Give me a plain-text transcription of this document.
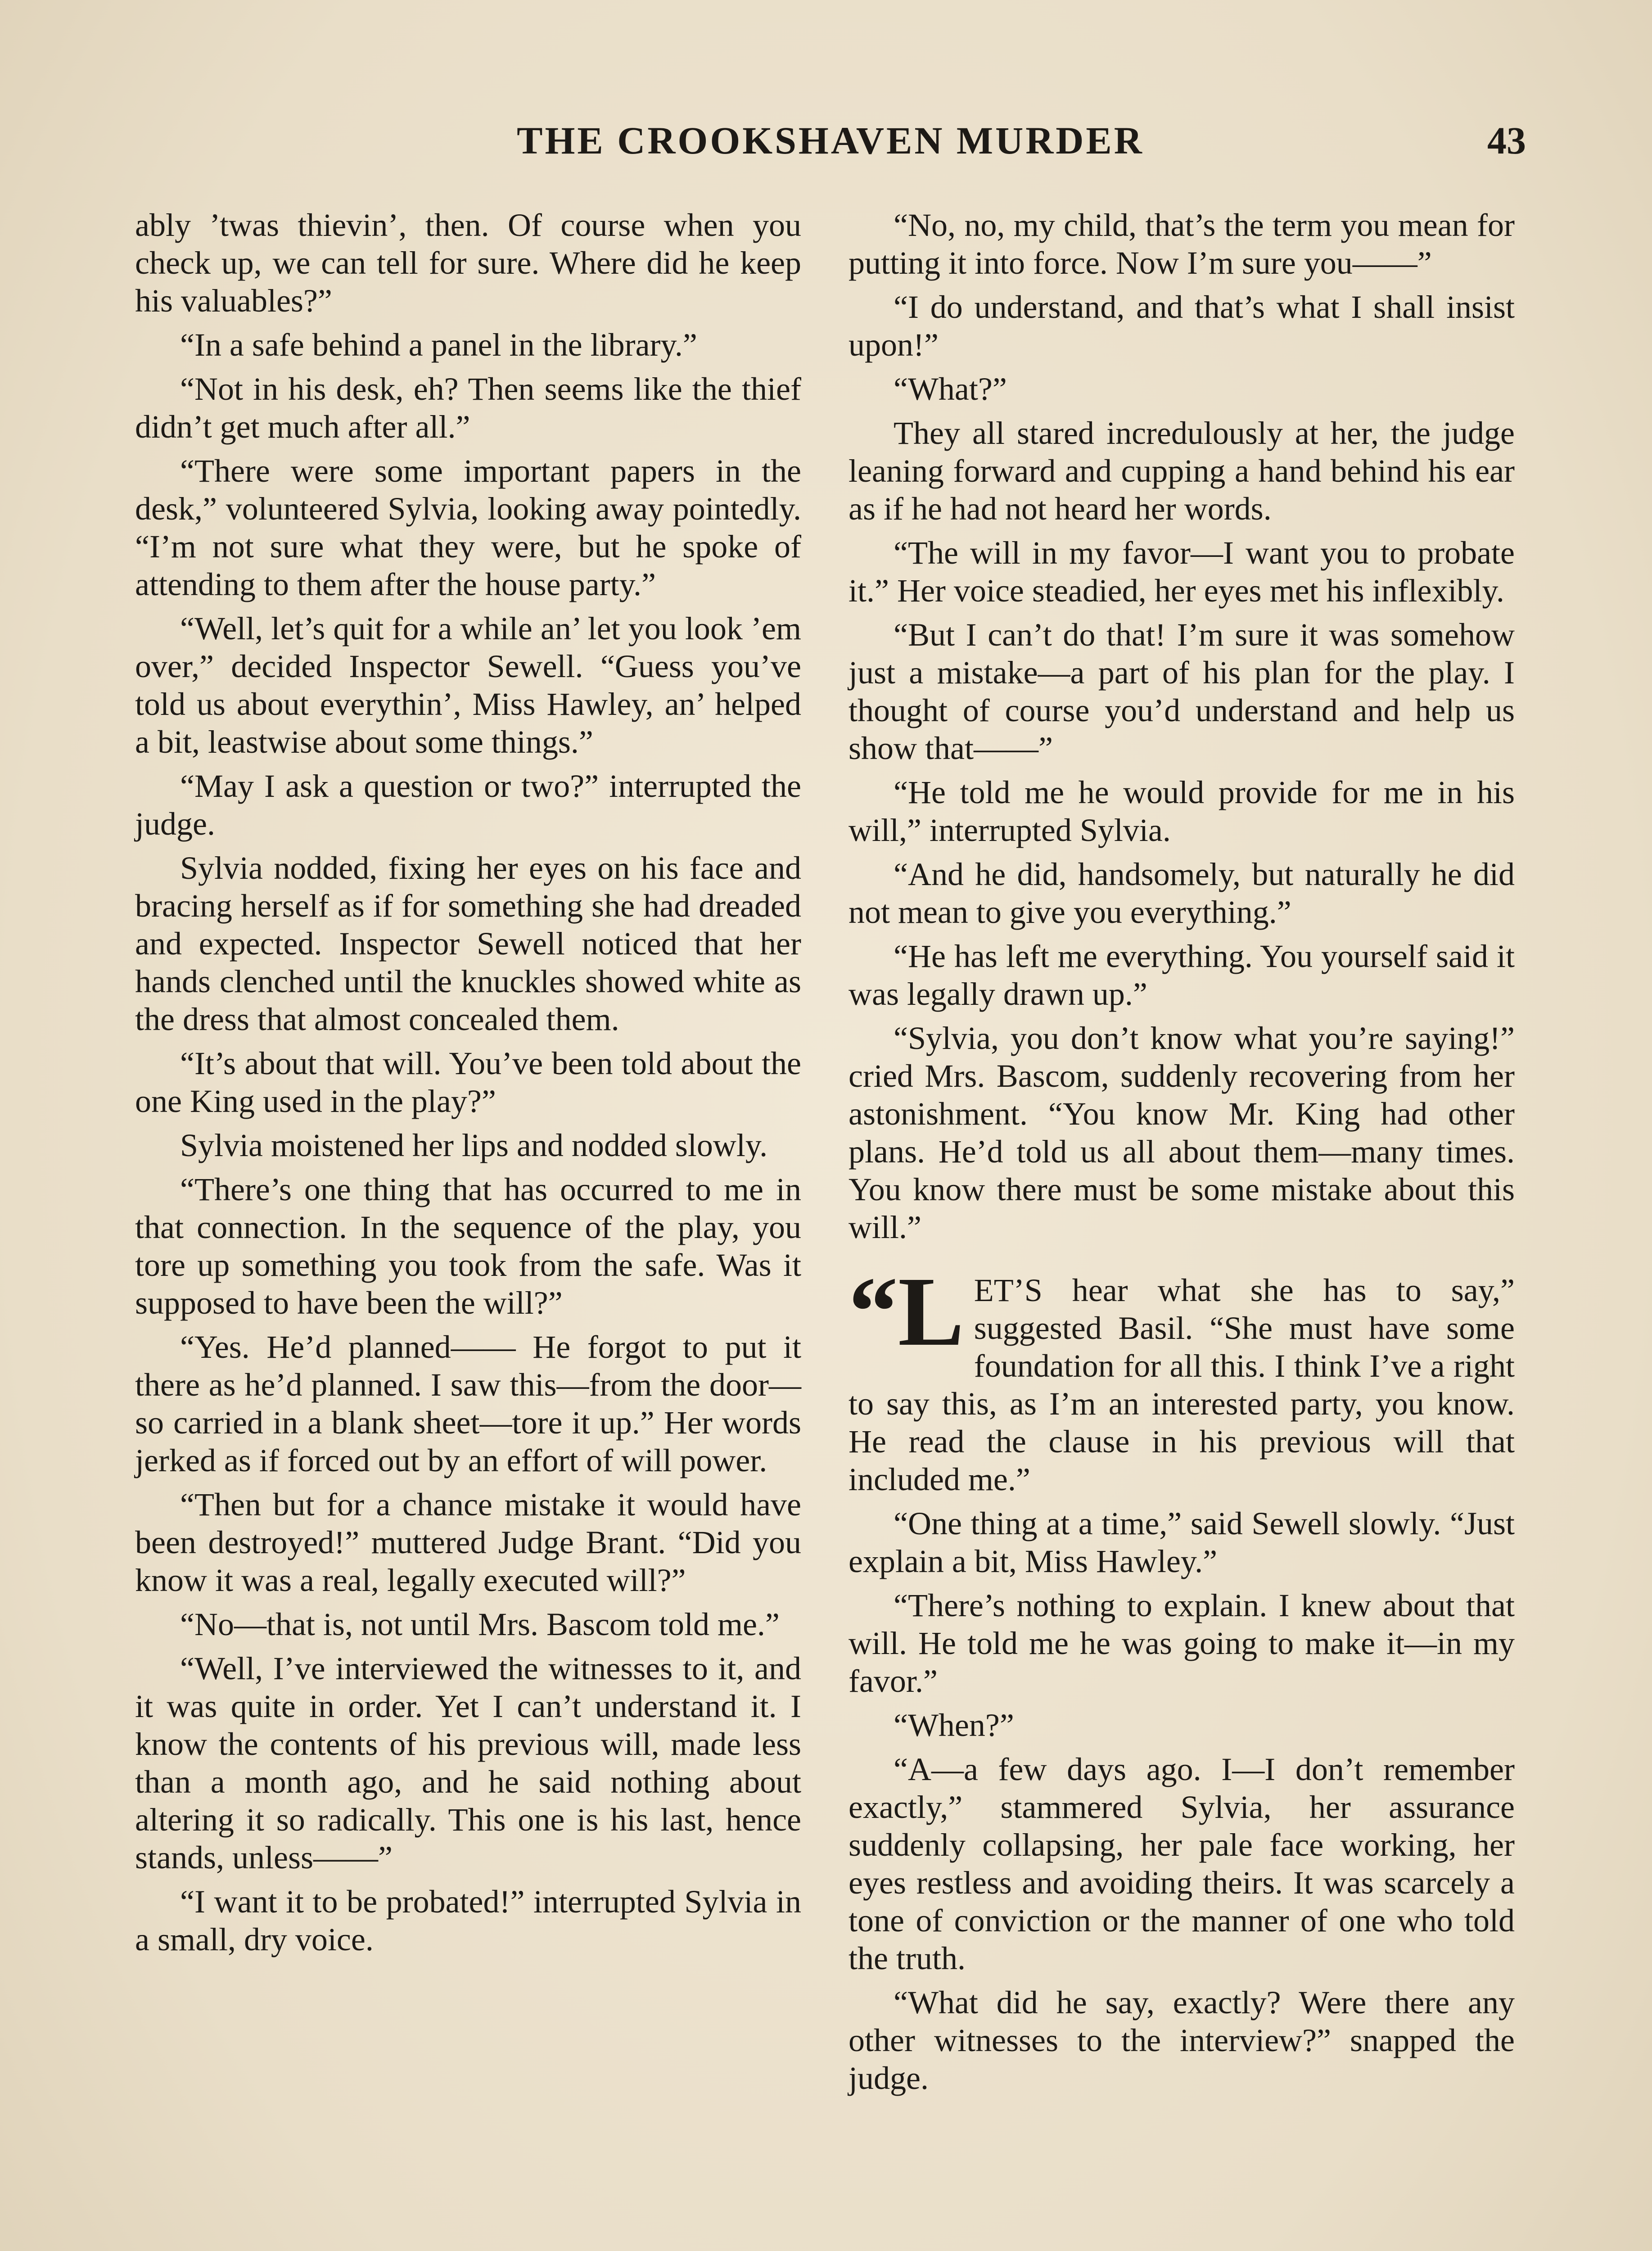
THE CROOKSHAVEN MURDER	43

ably ’twas thievin’, then. Of course when you check up, we can tell for sure. Where did he keep his valuables?”

“In a safe behind a panel in the library.”

“Not in his desk, eh? Then seems like the thief didn’t get much after all.”

“There were some important papers in the desk,” volunteered Sylvia, looking away pointedly. “I’m not sure what they were, but he spoke of attending to them after the house party.”

“Well, let’s quit for a while an’ let you look ’em over,” decided Inspector Sewell. “Guess you’ve told us about everythin’, Miss Hawley, an’ helped a bit, leastwise about some things.”

“May I ask a question or two?” interrupted the judge.

Sylvia nodded, fixing her eyes on his face and bracing herself as if for something she had dreaded and expected. Inspector Sewell noticed that her hands clenched until the knuckles showed white as the dress that almost concealed them.

“It’s about that will. You’ve been told about the one King used in the play?”

Sylvia moistened her lips and nodded slowly.

“There’s one thing that has occurred to me in that connection. In the sequence of the play, you tore up something you took from the safe. Was it supposed to have been the will?”

“Yes. He’d planned—— He forgot to put it there as he’d planned. I saw this—from the door—so carried in a blank sheet—tore it up.” Her words jerked as if forced out by an effort of will power.

“Then but for a chance mistake it would have been destroyed!” muttered Judge Brant. “Did you know it was a real, legally executed will?”

“No—that is, not until Mrs. Bascom told me.”

“Well, I’ve interviewed the witnesses to it, and it was quite in order. Yet I can’t understand it. I know the contents of his previous will, made less than a month ago, and he said nothing about altering it so radically. This one is his last, hence stands, unless——”

“I want it to be probated!” interrupted Sylvia in a small, dry voice.

“No, no, my child, that’s the term you mean for putting it into force. Now I’m sure you——”

“I do understand, and that’s what I shall insist upon!”

“What?”

They all stared incredulously at her, the judge leaning forward and cupping a hand behind his ear as if he had not heard her words.

“The will in my favor—I want you to probate it.” Her voice steadied, her eyes met his inflexibly.

“But I can’t do that! I’m sure it was somehow just a mistake—a part of his plan for the play. I thought of course you’d understand and help us show that——”

“He told me he would provide for me in his will,” interrupted Sylvia.

“And he did, handsomely, but naturally he did not mean to give you everything.”

“He has left me everything. You yourself said it was legally drawn up.”

“Sylvia, you don’t know what you’re saying!” cried Mrs. Bascom, suddenly recovering from her astonishment. “You know Mr. King had other plans. He’d told us all about them—many times. You know there must be some mistake about this will.”

“L ET’S hear what she has to say,” suggested Basil. “She must have some foundation for all this. I think I’ve a right to say this, as I’m an interested party, you know. He read the clause in his previous will that included me.”

“One thing at a time,” said Sewell slowly. “Just explain a bit, Miss Hawley.”

“There’s nothing to explain. I knew about that will. He told me he was going to make it—in my favor.”

“When?”

“A—a few days ago. I—I don’t remember exactly,” stammered Sylvia, her assurance suddenly collapsing, her pale face working, her eyes restless and avoiding theirs. It was scarcely a tone of conviction or the manner of one who told the truth.

“What did he say, exactly? Were there any other witnesses to the interview?” snapped the judge.
